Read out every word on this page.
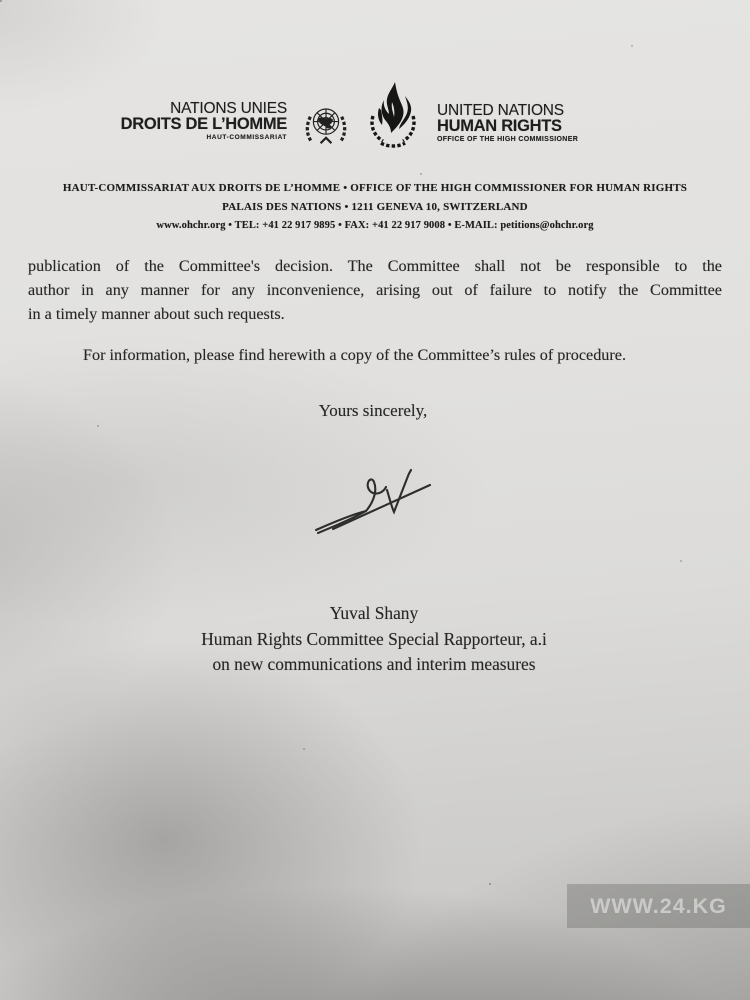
NATIONS UNIES
DROITS DE L’HOMME
HAUT-COMMISSARIAT
UNITED NATIONS
HUMAN RIGHTS
OFFICE OF THE HIGH COMMISSIONER
HAUT-COMMISSARIAT AUX DROITS DE L’HOMME • OFFICE OF THE HIGH COMMISSIONER FOR HUMAN RIGHTS
PALAIS DES NATIONS • 1211 GENEVA 10, SWITZERLAND
www.ohchr.org • TEL: +41 22 917 9895 • FAX: +41 22 917 9008 • E-MAIL: petitions@ohchr.org
publication of the Committee's decision. The Committee shall not be responsible to the
author in any manner for any inconvenience, arising out of failure to notify the Committee
in a timely manner about such requests.
For information, please find herewith a copy of the Committee’s rules of procedure.
Yours sincerely,
Yuval Shany
Human Rights Committee Special Rapporteur, a.i
on new communications and interim measures
WWW.24.KG
